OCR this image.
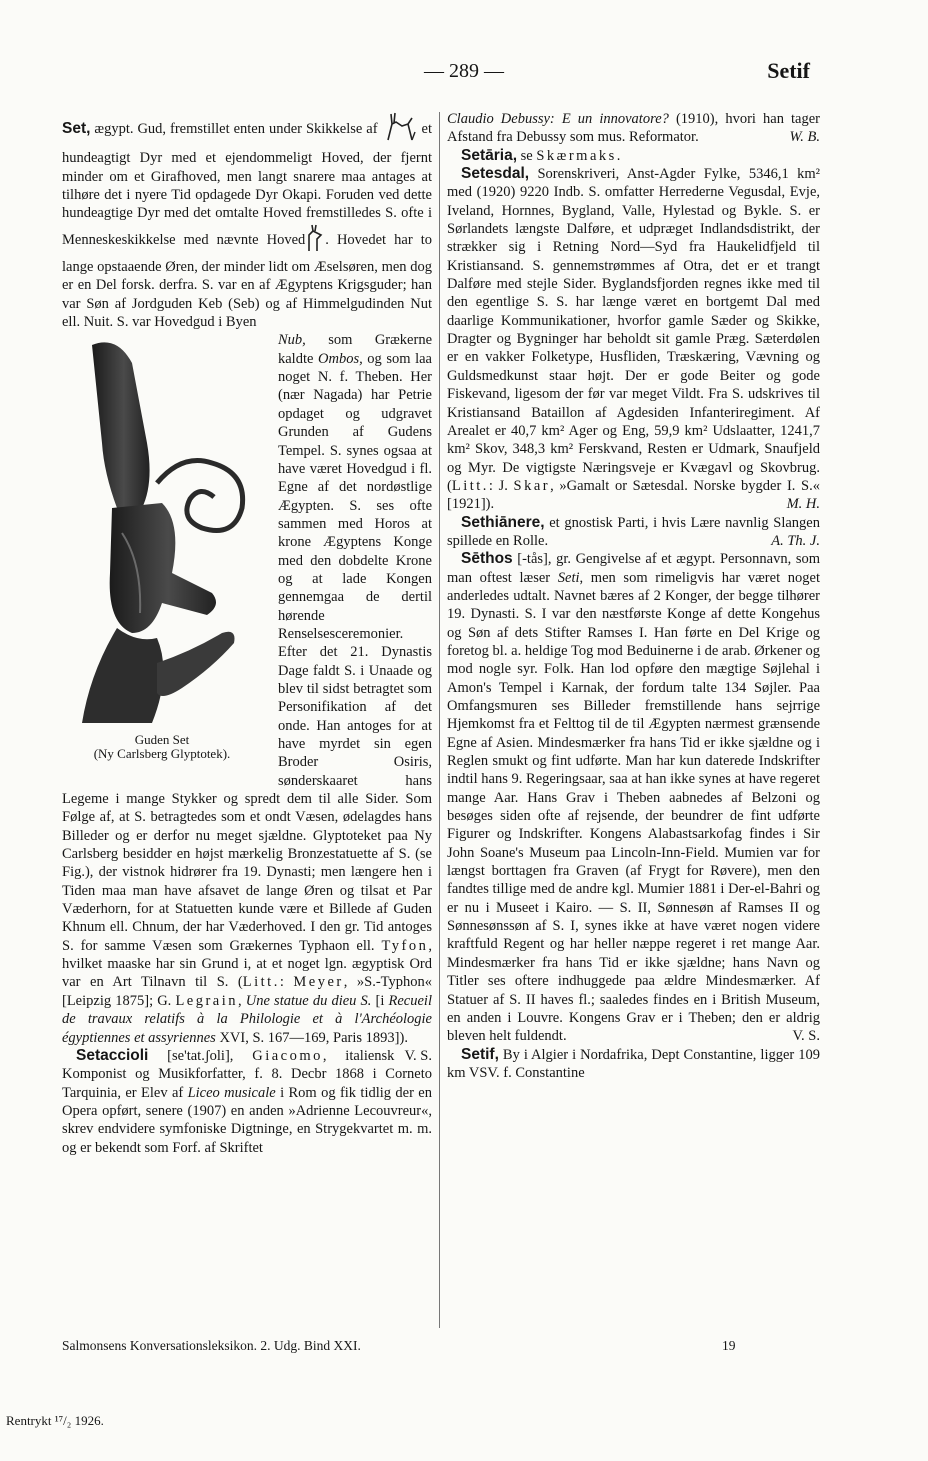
— 289 —	Setif

Set, ægypt. Gud, fremstillet enten under Skikkelse af  et hundeagtigt Dyr med et ejendommeligt Hoved, der fjernt minder om et Girafhoved, men langt snarere maa antages at tilhøre det i nyere Tid opdagede Dyr Okapi. Foruden ved dette hundeagtige Dyr med det omtalte Hoved fremstilledes S. ofte i Menneskeskikkelse med nævnte Hoved . Hovedet har to lange opstaaende Øren, der minder lidt om Æselsøren, men dog er en Del forsk. derfra. S. var en af Ægyptens Krigsguder; han var Søn af Jordguden Keb (Seb) og af Himmelgudinden Nut ell. Nuit. S. var Hovedgud i Byen

Guden Set
(Ny Carlsberg Glyptotek).

Nub, som Grækerne kaldte Ombos, og som laa noget N. f. Theben. Her (nær Nagada) har Petrie opdaget og udgravet Grunden af Gudens Tempel. S. synes ogsaa at have været Hovedgud i fl. Egne af det nordøstlige Ægypten. S. ses ofte sammen med Horos at krone Ægyptens Konge med den dobdelte Krone og at lade Kongen gennemgaa de dertil hørende Renselsesceremonier. Efter det 21. Dynastis Dage faldt S. i Unaade og blev til sidst betragtet som Personifikation af det onde. Han antoges for at have myrdet sin egen Broder Osiris, sønderskaaret hans Legeme i mange Stykker og spredt dem til alle Sider. Som Følge af, at S. betragtedes som et ondt Væsen, ødelagdes hans Billeder og er derfor nu meget sjældne. Glyptoteket paa Ny Carlsberg besidder en højst mærkelig Bronzestatuette af S. (se Fig.), der vistnok hidrører fra 19. Dynasti; men længere hen i Tiden maa man have afsavet de lange Øren og tilsat et Par Væderhorn, for at Statuetten kunde være et Billede af Guden Khnum ell. Chnum, der har Væderhoved. I den gr. Tid antoges S. for samme Væsen som Grækernes Typhaon ell. Tyfon, hvilket maaske har sin Grund i, at et noget lgn. ægyptisk Ord var en Art Tilnavn til S. (Litt.: Meyer, »S.-Typhon« [Leipzig 1875]; G. Legrain, Une statue du dieu S. [i Recueil de travaux relatifs à la Philologie et à l'Archéologie égyptiennes et assyriennes XVI, S. 167—169, Paris 1893]).
V. S.

Setaccioli [se'tat.ʃoli], Giacomo, italiensk Komponist og Musikforfatter, f. 8. Decbr 1868 i Corneto Tarquinia, er Elev af Liceo musicale i Rom og fik tidlig der en Opera opført, senere (1907) en anden »Adrienne Lecouvreur«, skrev endvidere symfoniske Digtninge, en Strygekvartet m. m. og er bekendt som Forf. af Skriftet

Claudio Debussy: E un innovatore? (1910), hvori han tager Afstand fra Debussy som mus. Reformator.	W. B.

Setāria, se Skærmaks.

Setesdal, Sorenskriveri, Anst-Agder Fylke, 5346,1 km² med (1920) 9220 Indb. S. omfatter Herrederne Vegusdal, Evje, Iveland, Hornnes, Bygland, Valle, Hylestad og Bykle. S. er Sørlandets længste Dalføre, et udpræget Indlandsdistrikt, der strækker sig i Retning Nord—Syd fra Haukelidfjeld til Kristiansand. S. gennemstrømmes af Otra, det er et trangt Dalføre med stejle Sider. Byglandsfjorden regnes ikke med til den egentlige S. S. har længe været en bortgemt Dal med daarlige Kommunikationer, hvorfor gamle Sæder og Skikke, Dragter og Bygninger har beholdt sit gamle Præg. Sæterdølen er en vakker Folketype, Husfliden, Træskæring, Vævning og Guldsmedkunst staar højt. Der er gode Beiter og gode Fiskevand, ligesom der før var meget Vildt. Fra S. udskrives til Kristiansand Bataillon af Agdesiden Infanteriregiment. Af Arealet er 40,7 km² Ager og Eng, 59,9 km² Udslaatter, 1241,7 km² Skov, 348,3 km² Ferskvand, Resten er Udmark, Snaufjeld og Myr. De vigtigste Næringsveje er Kvægavl og Skovbrug. (Litt.: J. Skar, »Gamalt or Sætesdal. Norske bygder I. S.« [1921]).	M. H.

Sethiānere, et gnostisk Parti, i hvis Lære navnlig Slangen spillede en Rolle.	A. Th. J.

Sēthos [-tås], gr. Gengivelse af et ægypt. Personnavn, som man oftest læser Seti, men som rimeligvis har været noget anderledes udtalt. Navnet bæres af 2 Konger, der begge tilhører 19. Dynasti. S. I var den næstførste Konge af dette Kongehus og Søn af dets Stifter Ramses I. Han førte en Del Krige og foretog bl. a. heldige Tog mod Beduinerne i de arab. Ørkener og mod nogle syr. Folk. Han lod opføre den mægtige Søjlehal i Amon's Tempel i Karnak, der fordum talte 134 Søjler. Paa Omfangsmuren ses Billeder fremstillende hans sejrrige Hjemkomst fra et Felttog til de til Ægypten nærmest grænsende Egne af Asien. Mindesmærker fra hans Tid er ikke sjældne og i Reglen smukt og fint udførte. Man har kun daterede Indskrifter indtil hans 9. Regeringsaar, saa at han ikke synes at have regeret mange Aar. Hans Grav i Theben aabnedes af Belzoni og besøges siden ofte af rejsende, der beundrer de fint udførte Figurer og Indskrifter. Kongens Alabastsarkofag findes i Sir John Soane's Museum paa Lincoln-Inn-Field. Mumien var for længst borttagen fra Graven (af Frygt for Røvere), men den fandtes tillige med de andre kgl. Mumier 1881 i Der-el-Bahri og er nu i Museet i Kairo. — S. II, Sønnesøn af Ramses II og Sønnesønssøn af S. I, synes ikke at have været nogen videre kraftfuld Regent og har heller næppe regeret i ret mange Aar. Mindesmærker fra hans Tid er ikke sjældne; hans Navn og Titler ses oftere indhuggede paa ældre Mindesmærker. Af Statuer af S. II haves fl.; saaledes findes en i British Museum, en anden i Louvre. Kongens Grav er i Theben; den er aldrig bleven helt fuldendt.	V. S.

Setif, By i Algier i Nordafrika, Dept Constantine, ligger 109 km VSV. f. Constantine

Salmonsens Konversationsleksikon. 2. Udg. Bind XXI.	19
Rentrykt ¹⁷/₂ 1926.
